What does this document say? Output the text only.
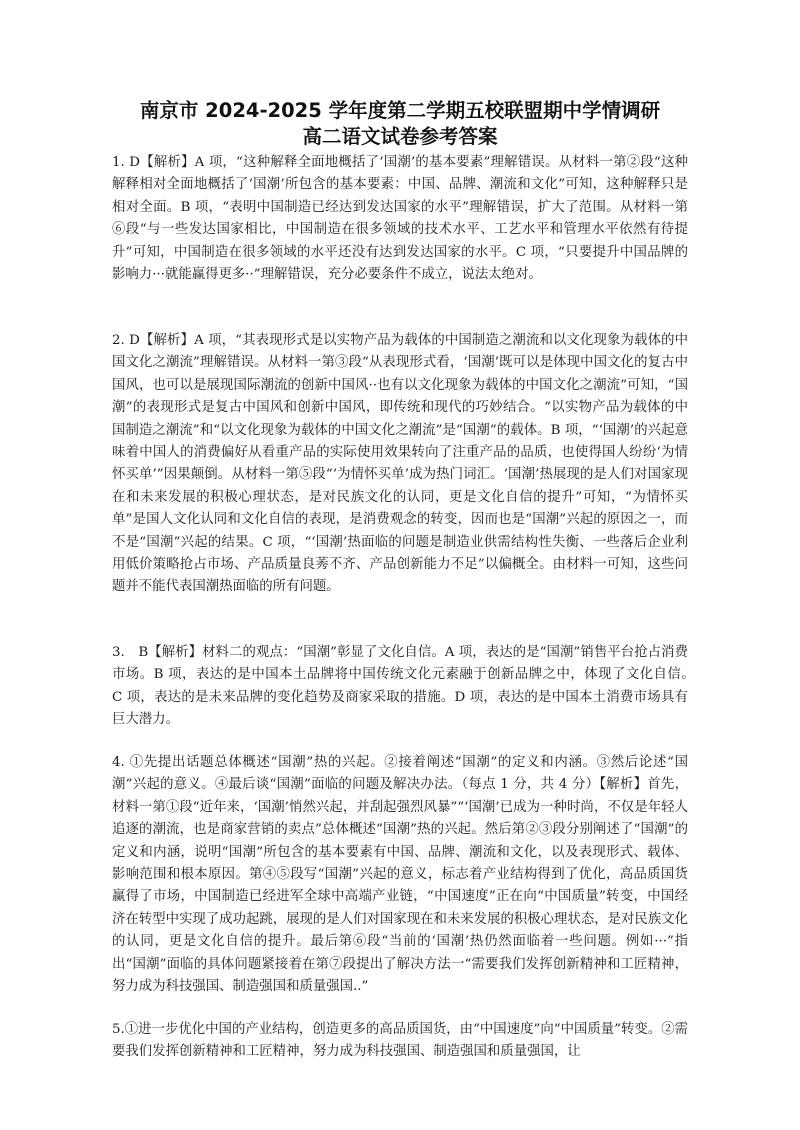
南京市 2024-2025 学年度第二学期五校联盟期中学情调研
高二语文试卷参考答案

1. D【解析】A 项，“这种解释全面地概括了‘国潮’的基本要素”理解错误。从材料一第②段“这种解释相对全面地概括了‘国潮’所包含的基本要素：中国、品牌、潮流和文化”可知，这种解释只是相对全面。B 项，“表明中国制造已经达到发达国家的水平”理解错误，扩大了范围。从材料一第⑥段“与一些发达国家相比，中国制造在很多领域的技术水平、工艺水平和管理水平依然有待提升”可知，中国制造在很多领域的水平还没有达到发达国家的水平。C 项，“只要提升中国品牌的影响力···就能赢得更多··”理解错误，充分必要条件不成立，说法太绝对。

2. D【解析】A 项，“其表现形式是以实物产品为载体的中国制造之潮流和以文化现象为载体的中国文化之潮流”理解错误。从材料一第③段“从表现形式看，‘国潮’既可以是体现中国文化的复古中国风，也可以是展现国际潮流的创新中国风··也有以文化现象为载体的中国文化之潮流”可知，“国潮”的表现形式是复古中国风和创新中国风，即传统和现代的巧妙结合。“以实物产品为载体的中国制造之潮流”和“以文化现象为载体的中国文化之潮流”是“国潮”的载体。B 项，“‘国潮’的兴起意味着中国人的消费偏好从看重产品的实际使用效果转向了注重产品的品质，也使得国人纷纷‘为情怀买单’”因果颠倒。从材料一第⑤段“‘为情怀买单’成为热门词汇。‘国潮’热展现的是人们对国家现在和未来发展的积极心理状态，是对民族文化的认同，更是文化自信的提升”可知，“为情怀买单”是国人文化认同和文化自信的表现，是消费观念的转变，因而也是“国潮”兴起的原因之一，而不是“国潮”兴起的结果。C 项，“‘国潮’热面临的问题是制造业供需结构性失衡、一些落后企业利用低价策略抢占市场、产品质量良莠不齐、产品创新能力不足”以偏概全。由材料一可知，这些问题并不能代表国潮热面临的所有问题。

3.　B【解析】材料二的观点：“国潮”彰显了文化自信。A 项，表达的是“国潮”销售平台抢占消费市场。B 项，表达的是中国本土品牌将中国传统文化元素融于创新品牌之中，体现了文化自信。　　C 项，表达的是未来品牌的变化趋势及商家采取的措施。D 项，表达的是中国本土消费市场具有巨大潜力。

4. ①先提出话题总体概述“国潮”热的兴起。②接着阐述“国潮”的定义和内涵。③然后论述“国潮”兴起的意义。④最后谈“国潮”面临的问题及解决办法。（每点 1 分，共 4 分）【解析】首先，材料一第①段“近年来，‘国潮’悄然兴起，并刮起强烈风暴”“‘国潮’已成为一种时尚，不仅是年轻人追逐的潮流，也是商家营销的卖点”总体概述“国潮”热的兴起。然后第②③段分别阐述了“国潮”的定义和内涵，说明“国潮”所包含的基本要素有中国、品牌、潮流和文化，以及表现形式、载体、影响范围和根本原因。第④⑤段写“国潮”兴起的意义，标志着产业结构得到了优化，高品质国货赢得了市场，中国制造已经进军全球中高端产业链，“中国速度”正在向“中国质量”转变，中国经济在转型中实现了成功起跳，展现的是人们对国家现在和未来发展的积极心理状态，是对民族文化的认同，更是文化自信的提升。最后第⑥段“当前的‘国潮’热仍然面临着一些问题。例如···”指出“国潮”面临的具体问题紧接着在第⑦段提出了解决方法一“需要我们发挥创新精神和工匠精神，努力成为科技强国、制造强国和质量强国..”

5.①进一步优化中国的产业结构，创造更多的高品质国货，由“中国速度”向“中国质量”转变。②需要我们发挥创新精神和工匠精神，努力成为科技强国、制造强国和质量强国，让
